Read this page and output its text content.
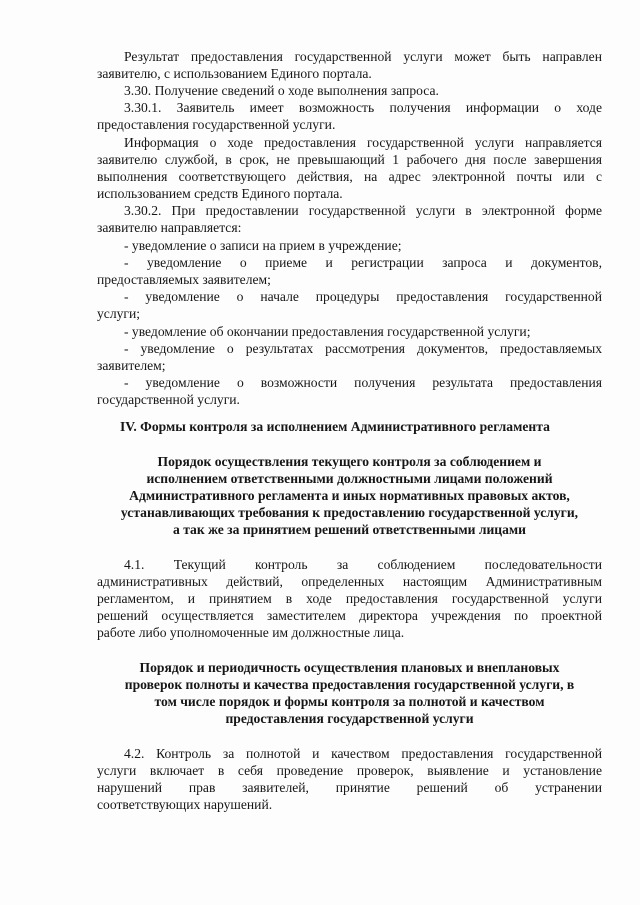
Результат предоставления государственной услуги может быть направлен
заявителю, с использованием Единого портала.
3.30. Получение сведений о ходе выполнения запроса.
3.30.1. Заявитель имеет возможность получения информации о ходе
предоставления государственной услуги.
Информация о ходе предоставления государственной услуги направляется
заявителю службой, в срок, не превышающий 1 рабочего дня после завершения
выполнения соответствующего действия, на адрес электронной почты или с
использованием средств Единого портала.
3.30.2. При предоставлении государственной услуги в электронной форме
заявителю направляется:
- уведомление о записи на прием в учреждение;
- уведомление о приеме и регистрации запроса и документов,
предоставляемых заявителем;
- уведомление о начале процедуры предоставления государственной
услуги;
- уведомление об окончании предоставления государственной услуги;
- уведомление о результатах рассмотрения документов, предоставляемых
заявителем;
- уведомление о возможности получения результата предоставления
государственной услуги.
IV. Формы контроля за исполнением Административного регламента
Порядок осуществления текущего контроля за соблюдением и
исполнением ответственными должностными лицами положений
Административного регламента и иных нормативных правовых актов,
устанавливающих требования к предоставлению государственной услуги,
а так же за принятием решений ответственными лицами
4.1. Текущий контроль за соблюдением последовательности
административных действий, определенных настоящим Административным
регламентом, и принятием в ходе предоставления государственной услуги
решений осуществляется заместителем директора учреждения по проектной
работе либо уполномоченные им должностные лица.
Порядок и периодичность осуществления плановых и внеплановых
проверок полноты и качества предоставления государственной услуги, в
том числе порядок и формы контроля за полнотой и качеством
предоставления государственной услуги
4.2. Контроль за полнотой и качеством предоставления государственной
услуги включает в себя проведение проверок, выявление и установление
нарушений прав заявителей, принятие решений об устранении
соответствующих нарушений.
